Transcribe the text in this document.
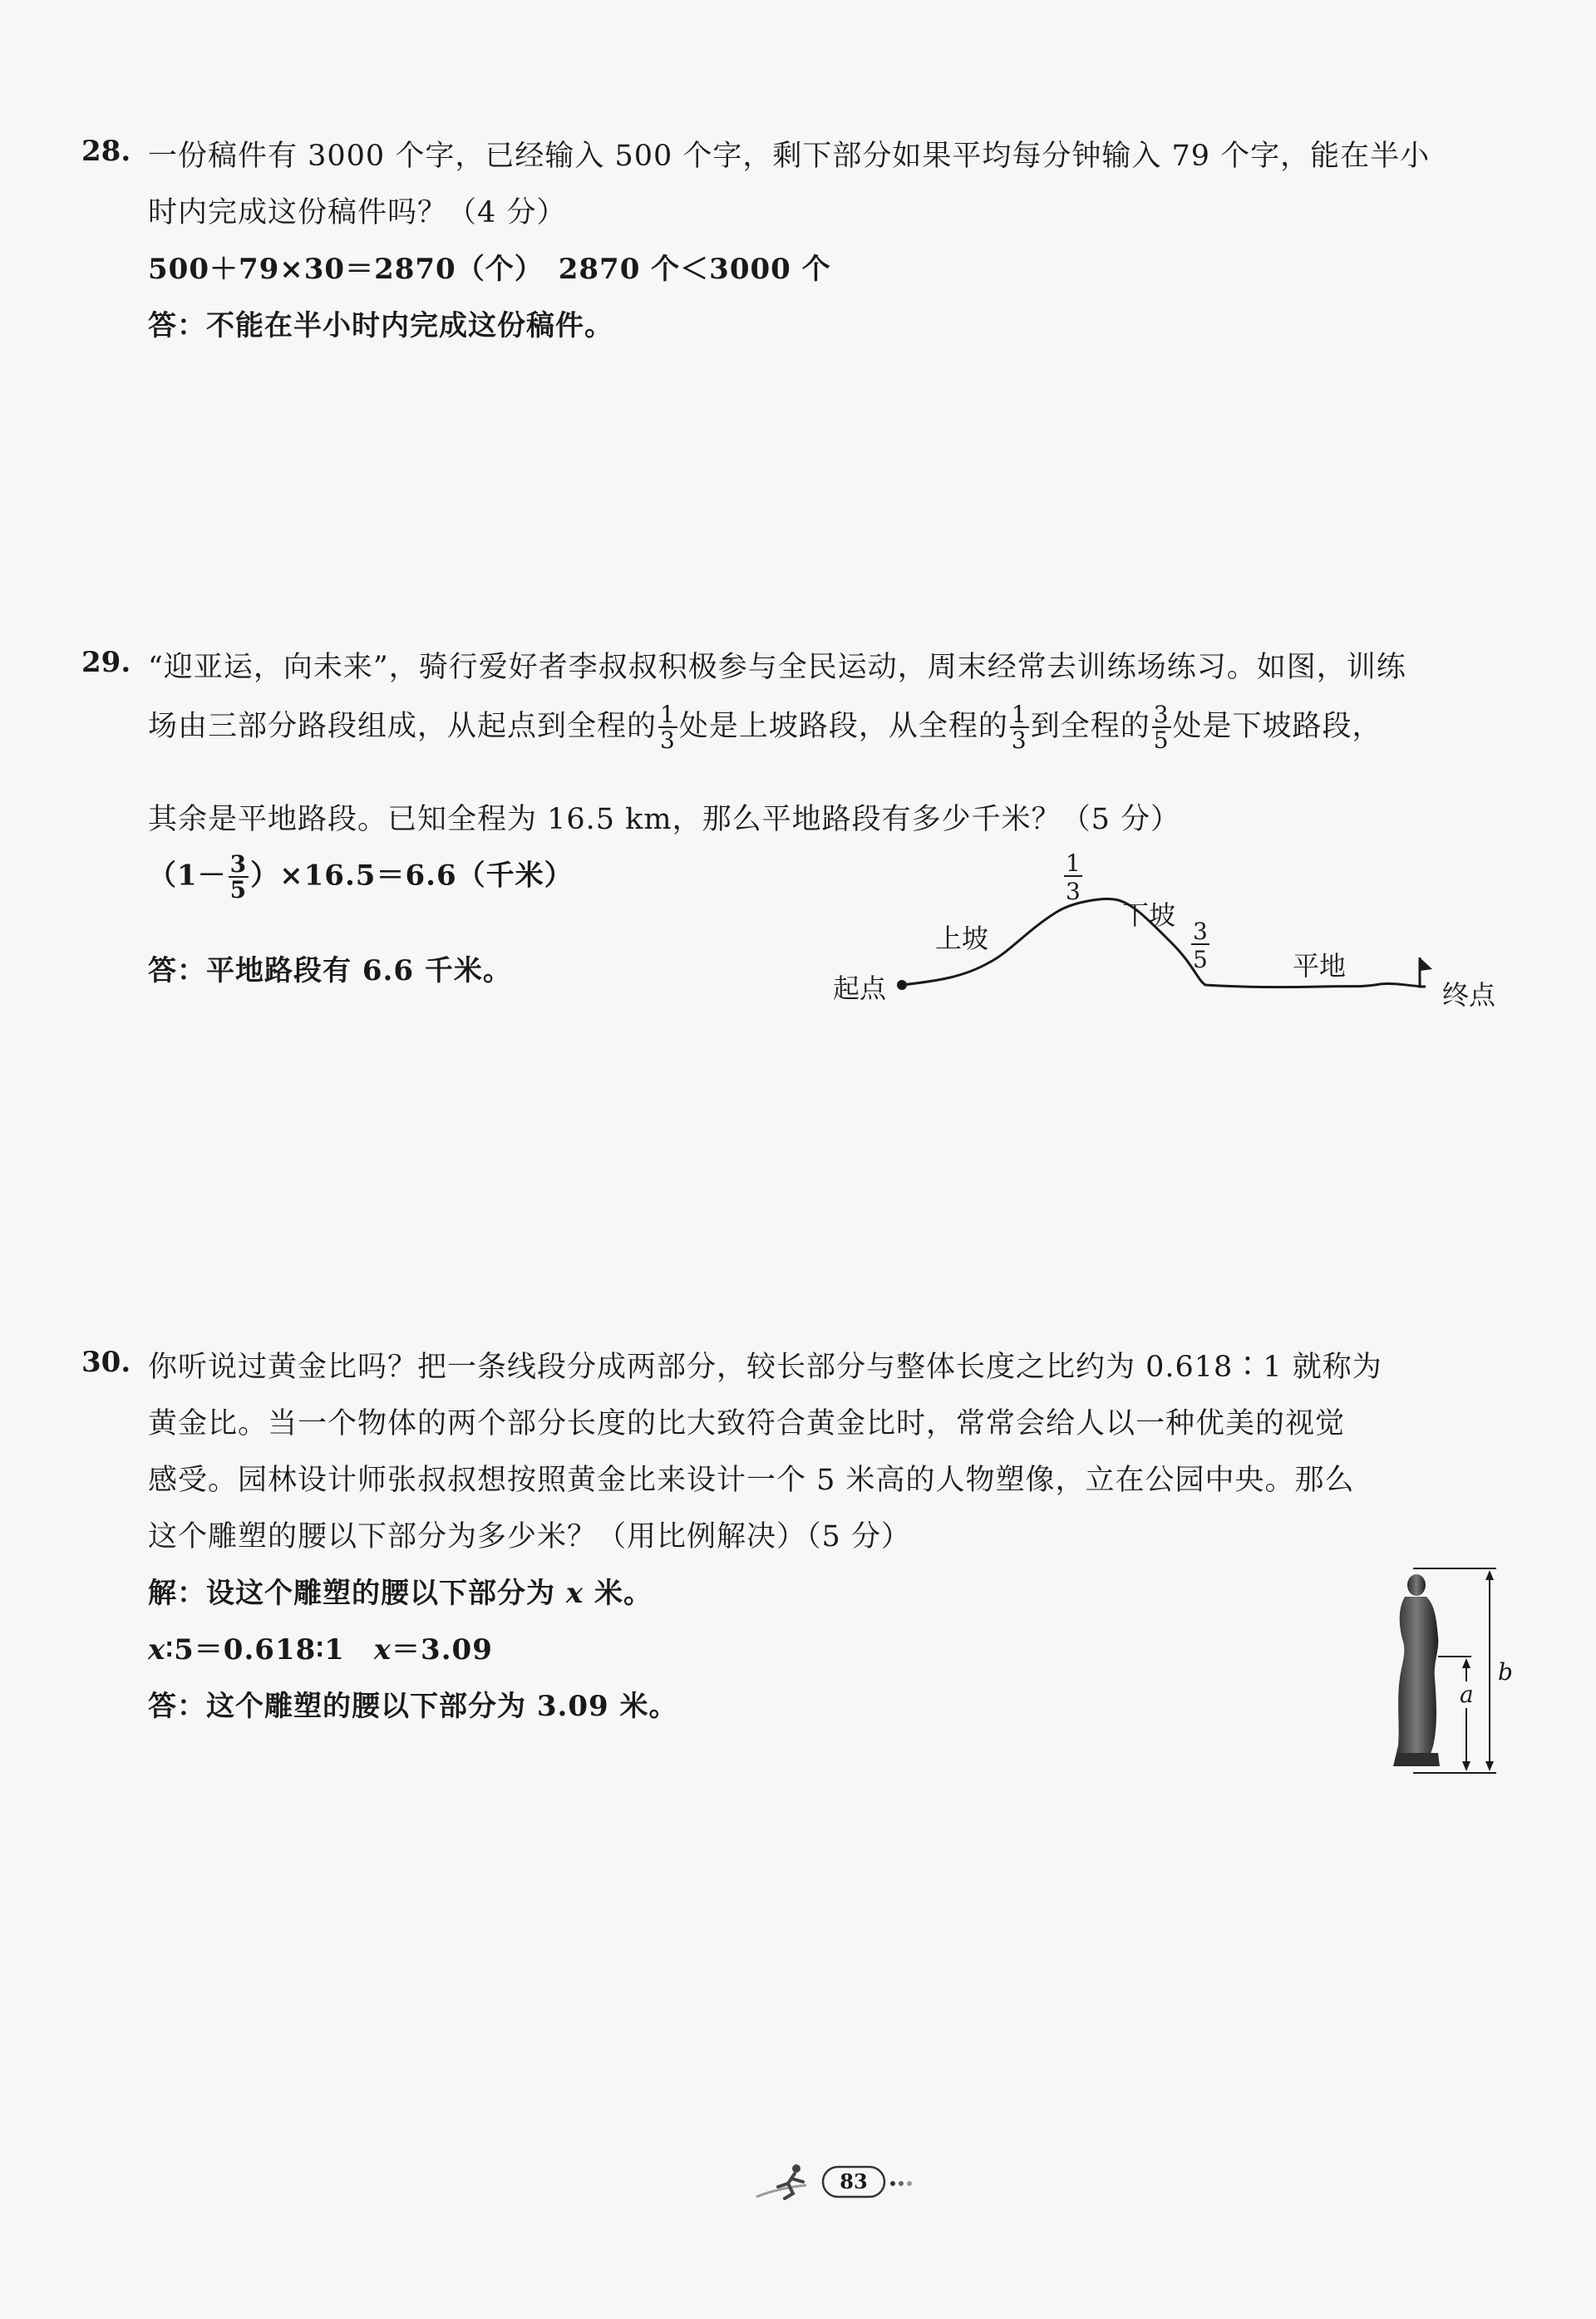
28. 一份稿件有 3000 个字，已经输入 500 个字，剩下部分如果平均每分钟输入 79 个字，能在半小
时内完成这份稿件吗？（4 分）
500＋79×30＝2870（个）　2870 个＜3000 个
答：不能在半小时内完成这份稿件。
29. “迎亚运，向未来”，骑行爱好者李叔叔积极参与全民运动，周末经常去训练场练习。如图，训练
场由三部分路段组成，从起点到全程的 $\frac{1}{3}$ 处是上坡路段，从全程的 $\frac{1}{3}$ 到全程的 $\frac{3}{5}$ 处是下坡路段，
其余是平地路段。已知全程为 16.5 km，那么平地路段有多少千米？（5 分）
$(1- \frac{3}{5} )\times 16.5=6.6$（千米）
答：平地路段有 6.6 千米。
起点
上坡
下坡
平地
终点
1
3
3
5
30. 你听说过黄金比吗？把一条线段分成两部分，较长部分与整体长度之比约为 0.618∶1 就称为
黄金比。当一个物体的两个部分长度的比大致符合黄金比时，常常会给人以一种优美的视觉
感受。园林设计师张叔叔想按照黄金比来设计一个 5 米高的人物塑像，立在公园中央。那么
这个雕塑的腰以下部分为多少米？（用比例解决）（5 分）
解：设这个雕塑的腰以下部分为 x 米。
x∶5＝0.618∶1　x＝3.09
答：这个雕塑的腰以下部分为 3.09 米。
b
a
83
